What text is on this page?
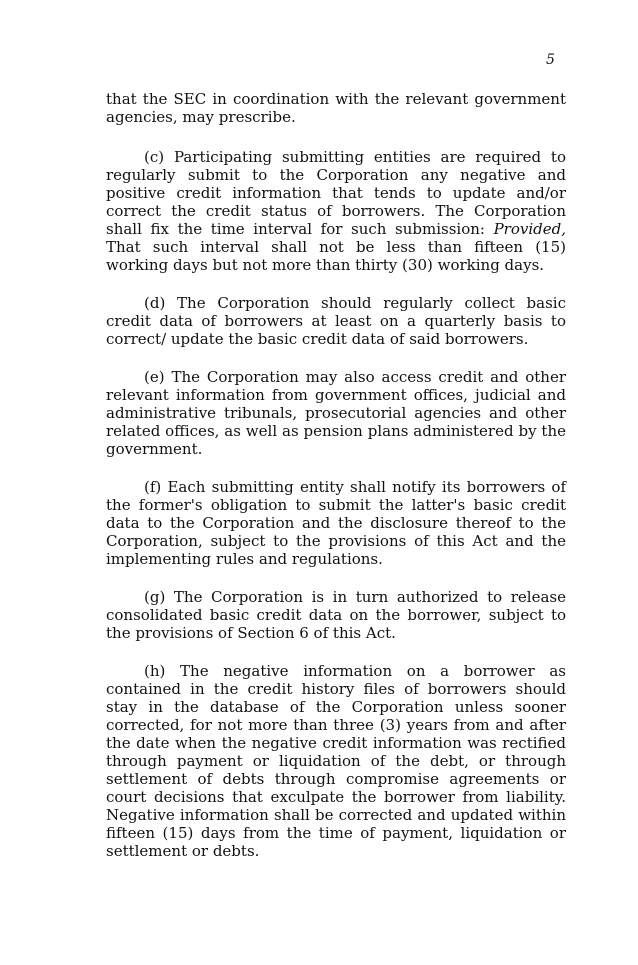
5

that the SEC in coordination with the relevant government agencies, may prescribe.

(c) Participating submitting entities are required to regularly submit to the Corporation any negative and positive credit information that tends to update and/or correct the credit status of borrowers. The Corporation shall fix the time interval for such submission: Provided, That such interval shall not be less than fifteen (15) working days but not more than thirty (30) working days.

(d) The Corporation should regularly collect basic credit data of borrowers at least on a quarterly basis to correct/ update the basic credit data of said borrowers.

(e) The Corporation may also access credit and other relevant information from government offices, judicial and administrative tribunals, prosecutorial agencies and other related offices, as well as pension plans administered by the government.

(f) Each submitting entity shall notify its borrowers of the former's obligation to submit the latter's basic credit data to the Corporation and the disclosure thereof to the Corporation, subject to the provisions of this Act and the implementing rules and regulations.

(g) The Corporation is in turn authorized to release consolidated basic credit data on the borrower, subject to the provisions of Section 6 of this Act.

(h) The negative information on a borrower as contained in the credit history files of borrowers should stay in the database of the Corporation unless sooner corrected, for not more than three (3) years from and after the date when the negative credit information was rectified through payment or liquidation of the debt, or through settlement of debts through compromise agreements or court decisions that exculpate the borrower from liability. Negative information shall be corrected and updated within fifteen (15) days from the time of payment, liquidation or settlement or debts.
